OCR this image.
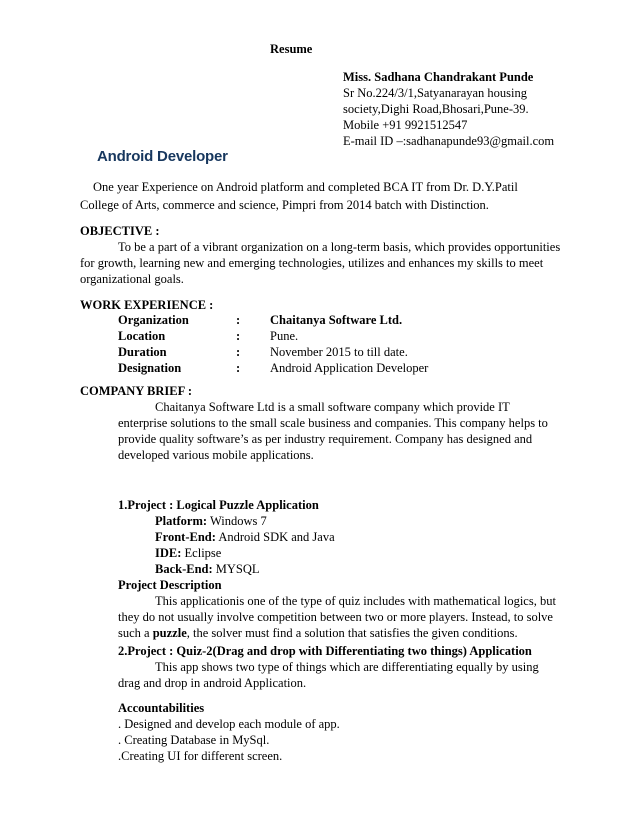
Resume
Miss. Sadhana Chandrakant Punde
Sr No.224/3/1,Satyanarayan housing
society,Dighi Road,Bhosari,Pune-39.
Mobile +91 9921512547
E-mail ID –:sadhanapunde93@gmail.com
Android Developer
One year Experience on Android platform and completed BCA IT from Dr. D.Y.Patil
College of Arts, commerce and science, Pimpri from 2014 batch with Distinction.
OBJECTIVE :
To be a part of a vibrant organization on a long-term basis, which provides opportunities
for growth, learning new and emerging technologies, utilizes and enhances my skills to meet
organizational goals.
WORK EXPERIENCE :
Organization	: Chaitanya Software Ltd.
Location	: Pune.
Duration	: November 2015 to till date.
Designation	: Android Application Developer
COMPANY BRIEF :
Chaitanya Software Ltd is a small software company which provide IT
enterprise solutions to the small scale business and companies. This company helps to
provide quality software’s as per industry requirement. Company has designed and
developed various mobile applications.
1.Project : Logical Puzzle Application
Platform: Windows 7
Front-End: Android SDK and Java
IDE: Eclipse
Back-End: MYSQL
Project Description
This applicationis one of the type of quiz includes with mathematical logics, but
they do not usually involve competition between two or more players. Instead, to solve
such a puzzle, the solver must find a solution that satisfies the given conditions.
2.Project : Quiz-2(Drag and drop with Differentiating two things) Application
This app shows two type of things which are differentiating equally by using
drag and drop in android Application.
Accountabilities
. Designed and develop each module of app.
. Creating Database in MySql.
.Creating UI for different screen.
